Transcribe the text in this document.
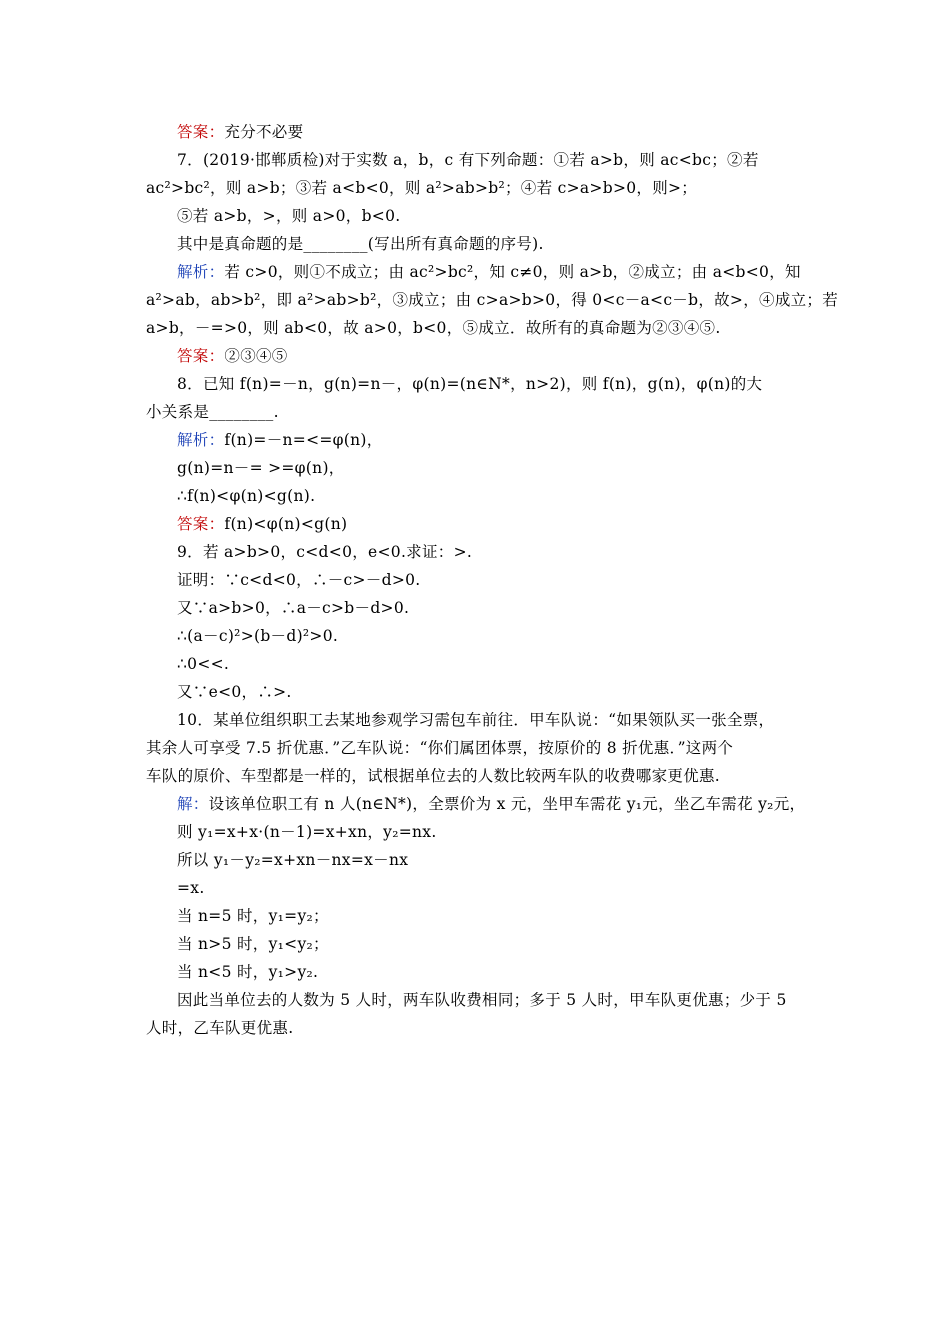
答案：充分不必要
7．(2019·邯郸质检)对于实数 a，b，c 有下列命题：①若 a>b，则 ac<bc；②若
ac²>bc²，则 a>b；③若 a<b<0，则 a²>ab>b²；④若 c>a>b>0，则>；
⑤若 a>b，>，则 a>0，b<0.
其中是真命题的是________(写出所有真命题的序号).
解析：若 c>0，则①不成立；由 ac²>bc²，知 c≠0，则 a>b，②成立；由 a<b<0，知
a²>ab，ab>b²，即 a²>ab>b²，③成立；由 c>a>b>0，得 0<c－a<c－b，故>，④成立；若
a>b，－=>0，则 ab<0，故 a>0，b<0，⑤成立．故所有的真命题为②③④⑤.
答案：②③④⑤
8．已知 f(n)=－n，g(n)=n－，φ(n)=(n∈N*，n>2)，则 f(n)，g(n)，φ(n)的大
小关系是________.
解析：f(n)=－n=<=φ(n)，
g(n)=n－= >=φ(n)，
∴f(n)<φ(n)<g(n).
答案：f(n)<φ(n)<g(n)
9．若 a>b>0，c<d<0，e<0.求证：>.
证明：∵c<d<0，∴－c>－d>0.
又∵a>b>0，∴a－c>b－d>0.
∴(a－c)²>(b－d)²>0.
∴0<<.
又∵e<0，∴>.
10．某单位组织职工去某地参观学习需包车前往．甲车队说：“如果领队买一张全票，
其余人可享受 7.5 折优惠．”乙车队说：“你们属团体票，按原价的 8 折优惠．”这两个
车队的原价、车型都是一样的，试根据单位去的人数比较两车队的收费哪家更优惠.
解：设该单位职工有 n 人(n∈N*)，全票价为 x 元，坐甲车需花 y₁元，坐乙车需花 y₂元，
则 y₁=x+x·(n－1)=x+xn，y₂=nx.
所以 y₁－y₂=x+xn－nx=x－nx
=x.
当 n=5 时，y₁=y₂；
当 n>5 时，y₁<y₂；
当 n<5 时，y₁>y₂.
因此当单位去的人数为 5 人时，两车队收费相同；多于 5 人时，甲车队更优惠；少于 5
人时，乙车队更优惠.
